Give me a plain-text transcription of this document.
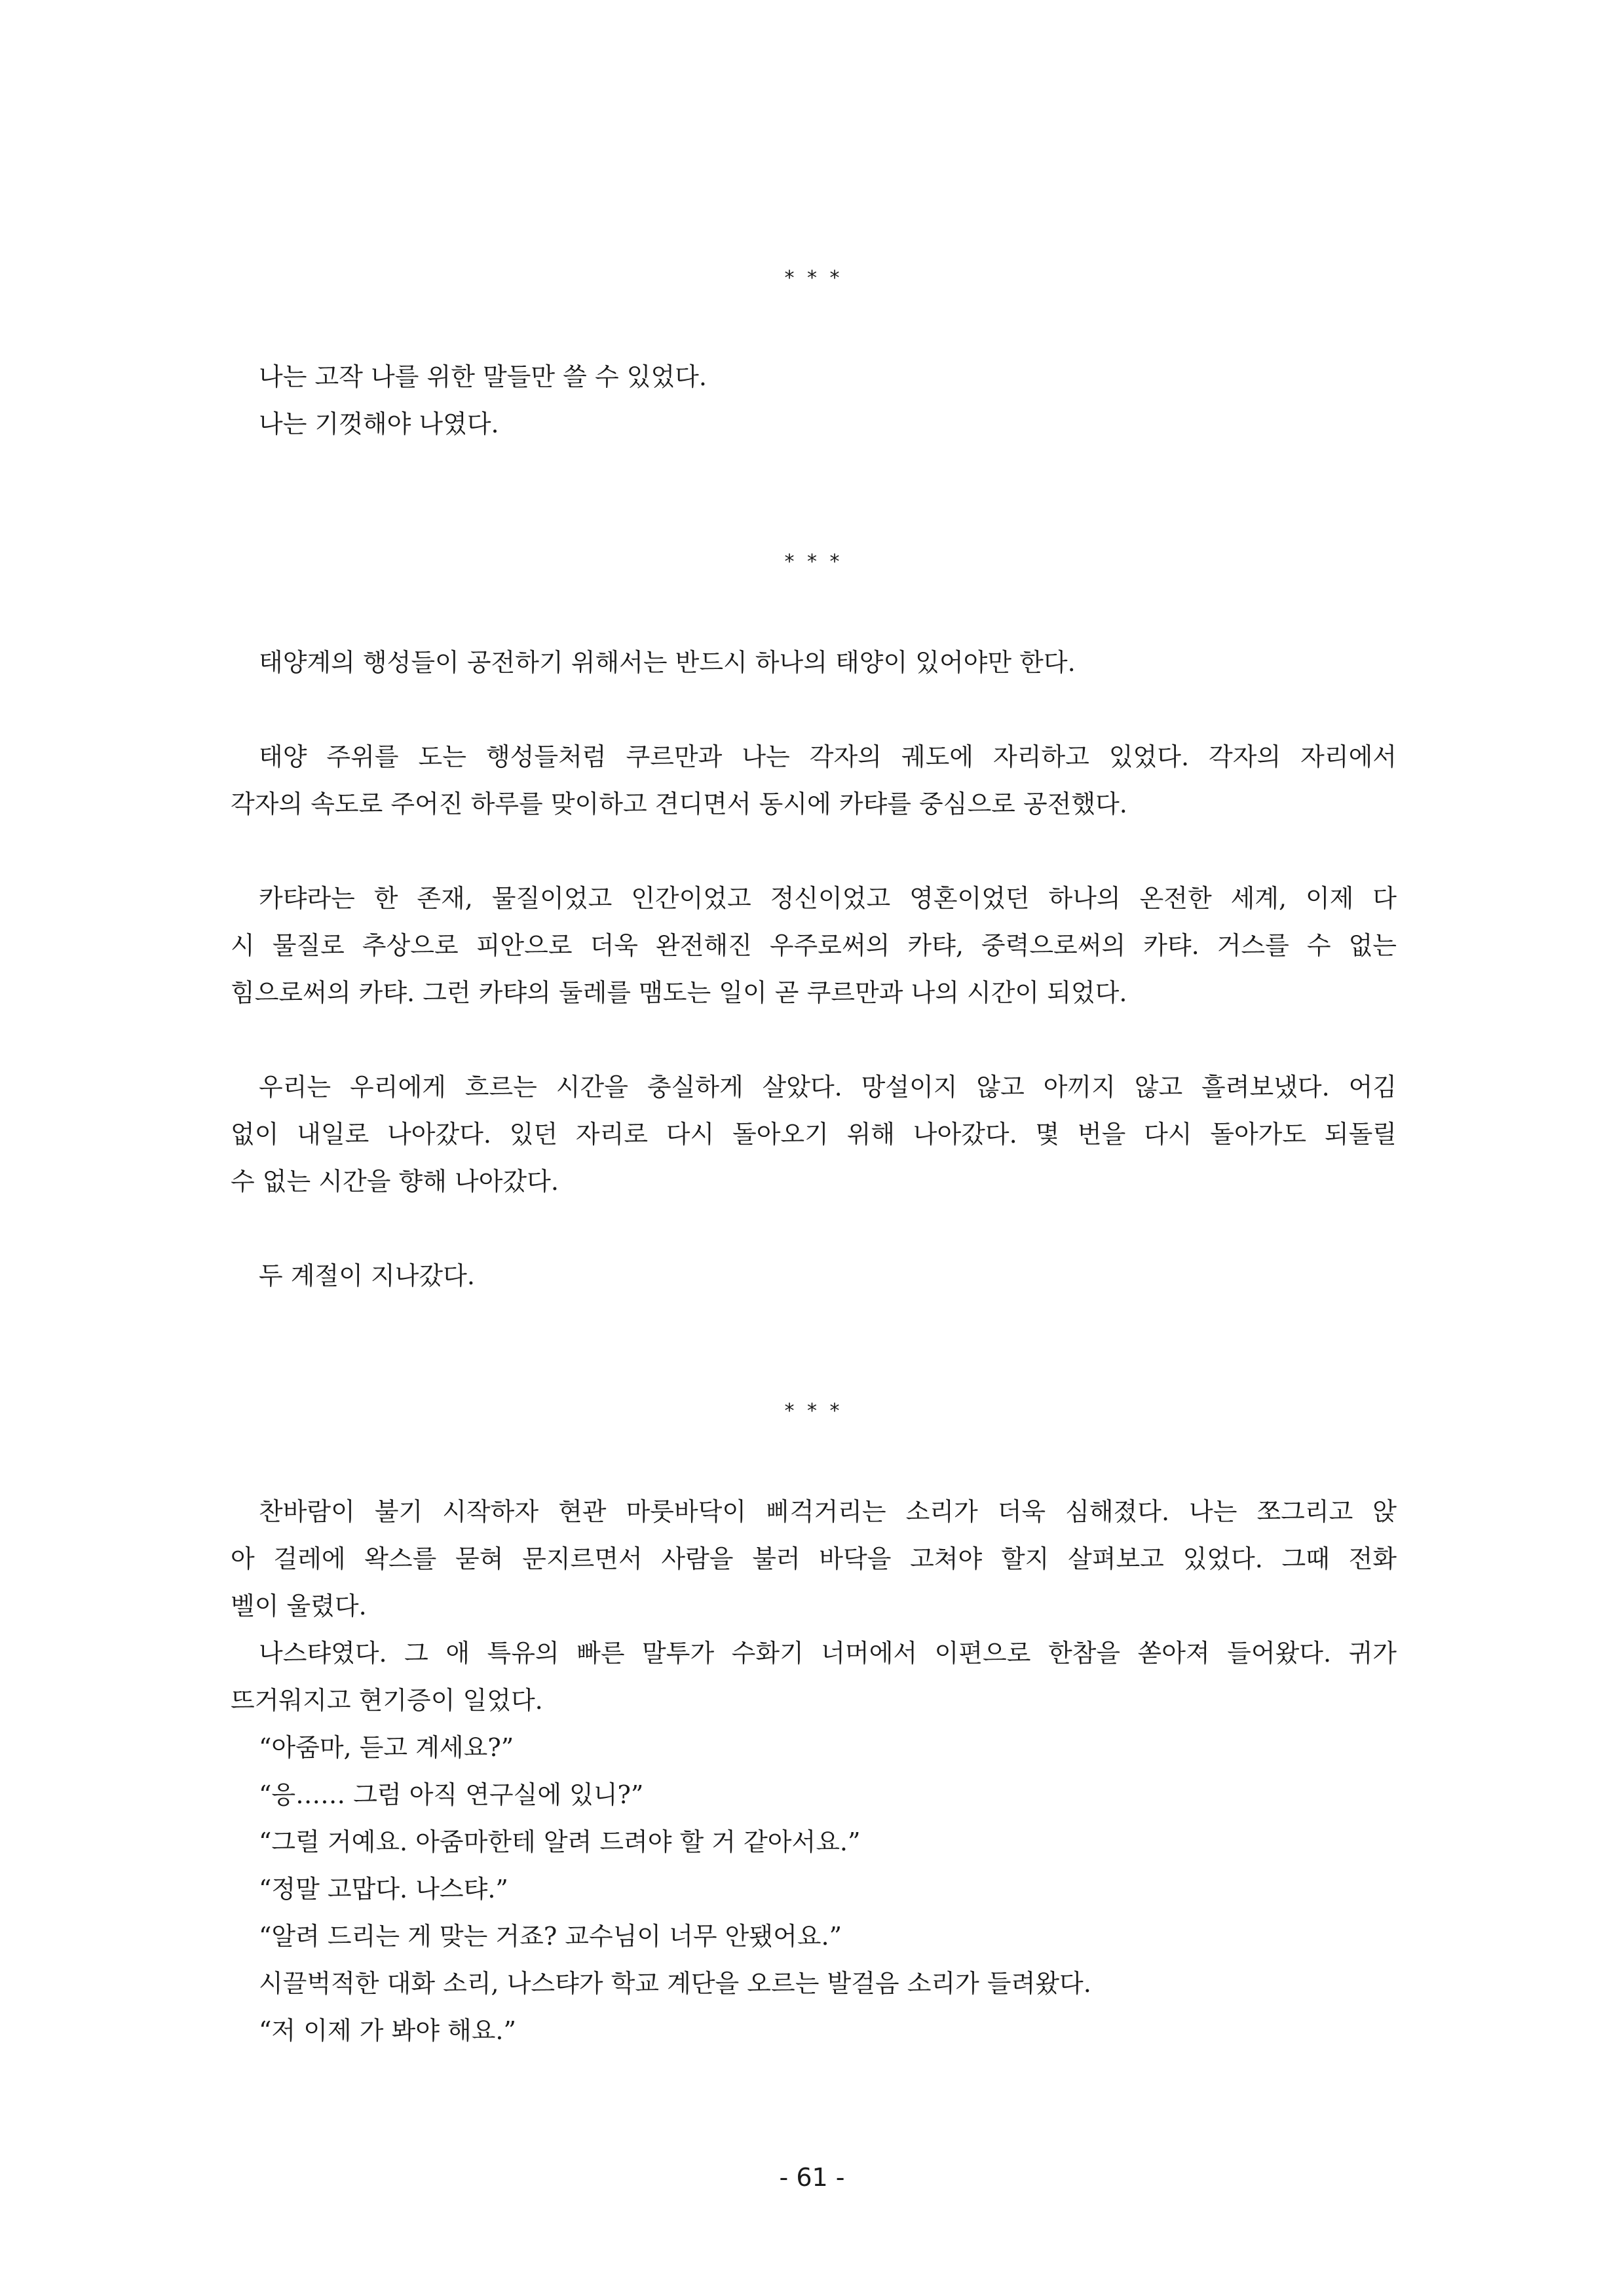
* * *
나는 고작 나를 위한 말들만 쓸 수 있었다.
나는 기껏해야 나였다.
* * *
태양계의 행성들이 공전하기 위해서는 반드시 하나의 태양이 있어야만 한다.
태양 주위를 도는 행성들처럼 쿠르만과 나는 각자의 궤도에 자리하고 있었다. 각자의 자리에서
각자의 속도로 주어진 하루를 맞이하고 견디면서 동시에 카탸를 중심으로 공전했다.
카탸라는 한 존재, 물질이었고 인간이었고 정신이었고 영혼이었던 하나의 온전한 세계, 이제 다
시 물질로 추상으로 피안으로 더욱 완전해진 우주로써의 카탸, 중력으로써의 카탸. 거스를 수 없는
힘으로써의 카탸. 그런 카탸의 둘레를 맴도는 일이 곧 쿠르만과 나의 시간이 되었다.
우리는 우리에게 흐르는 시간을 충실하게 살았다. 망설이지 않고 아끼지 않고 흘려보냈다. 어김
없이 내일로 나아갔다. 있던 자리로 다시 돌아오기 위해 나아갔다. 몇 번을 다시 돌아가도 되돌릴
수 없는 시간을 향해 나아갔다.
두 계절이 지나갔다.
* * *
찬바람이 불기 시작하자 현관 마룻바닥이 삐걱거리는 소리가 더욱 심해졌다. 나는 쪼그리고 앉
아 걸레에 왁스를 묻혀 문지르면서 사람을 불러 바닥을 고쳐야 할지 살펴보고 있었다. 그때 전화
벨이 울렸다.
나스탸였다. 그 애 특유의 빠른 말투가 수화기 너머에서 이편으로 한참을 쏟아져 들어왔다. 귀가
뜨거워지고 현기증이 일었다.
“아줌마, 듣고 계세요?”
“응…… 그럼 아직 연구실에 있니?”
“그럴 거예요. 아줌마한테 알려 드려야 할 거 같아서요.”
“정말 고맙다. 나스탸.”
“알려 드리는 게 맞는 거죠? 교수님이 너무 안됐어요.”
시끌벅적한 대화 소리, 나스탸가 학교 계단을 오르는 발걸음 소리가 들려왔다.
“저 이제 가 봐야 해요.”
- 61 -
